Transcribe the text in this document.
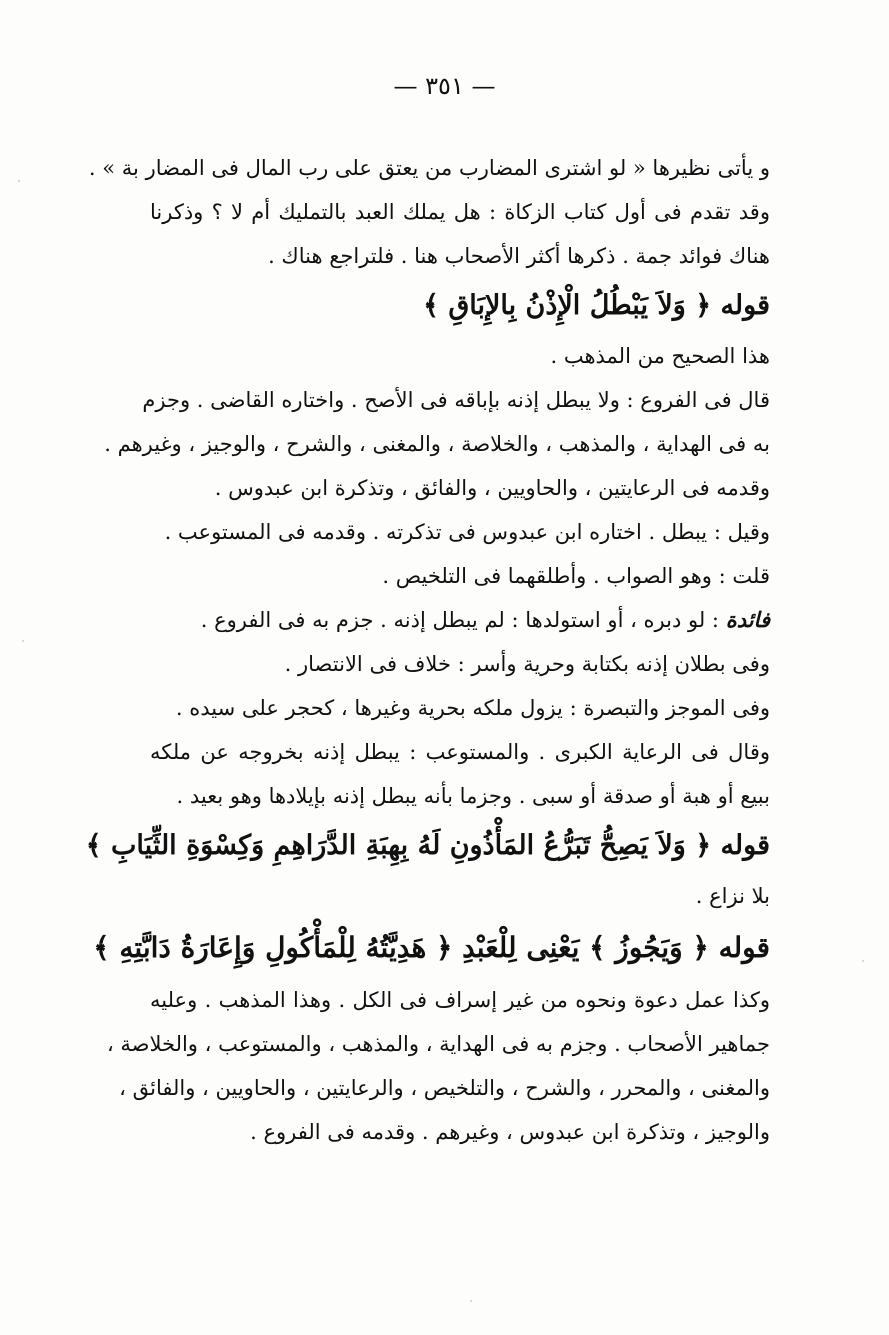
— ٣٥١ —
و يأتى نظيرها « لو اشترى المضارب من يعتق على رب المال فى المضار بة » .
وقد تقدم فى أول كتاب الزكاة : هل يملك العبد بالتمليك أم لا ؟ وذكرنا
هناك فوائد جمة . ذكرها أكثر الأصحاب هنا . فلتراجع هناك .
قوله ﴿ وَلاَ يَبْطُلُ الْإِذْنُ بِالإِبَاقِ ﴾
هذا الصحيح من المذهب .
قال فى الفروع : ولا يبطل إذنه بإباقه فى الأصح . واختاره القاضى . وجزم
به فى الهداية ، والمذهب ، والخلاصة ، والمغنى ، والشرح ، والوجيز ، وغيرهم .
وقدمه فى الرعايتين ، والحاويين ، والفائق ، وتذكرة ابن عبدوس .
وقيل : يبطل . اختاره ابن عبدوس فى تذكرته . وقدمه فى المستوعب .
قلت : وهو الصواب . وأطلقهما فى التلخيص .
فائدة : لو دبره ، أو استولدها : لم يبطل إذنه . جزم به فى الفروع .
وفى بطلان إذنه بكتابة وحرية وأسر : خلاف فى الانتصار .
وفى الموجز والتبصرة : يزول ملكه بحرية وغيرها ، كحجر على سيده .
وقال فى الرعاية الكبرى . والمستوعب : يبطل إذنه بخروجه عن ملكه
ببيع أو هبة أو صدقة أو سبى . وجزما بأنه يبطل إذنه بإيلادها وهو بعيد .
قوله ﴿ وَلاَ يَصِحُّ تَبَرُّعُ المَأْذُونِ لَهُ بِهِبَةِ الدَّرَاهِمِ وَكِسْوَةِ الثِّيَابِ ﴾
بلا نزاع .
قوله ﴿ وَيَجُوزُ ﴾ يَعْنِى لِلْعَبْدِ ﴿ هَدِيَّتُهُ لِلْمَأْكُولِ وَإِعَارَةُ دَابَّتِهِ ﴾
وكذا عمل دعوة ونحوه من غير إسراف فى الكل . وهذا المذهب . وعليه
جماهير الأصحاب . وجزم به فى الهداية ، والمذهب ، والمستوعب ، والخلاصة ،
والمغنى ، والمحرر ، والشرح ، والتلخيص ، والرعايتين ، والحاويين ، والفائق ،
والوجيز ، وتذكرة ابن عبدوس ، وغيرهم . وقدمه فى الفروع .
